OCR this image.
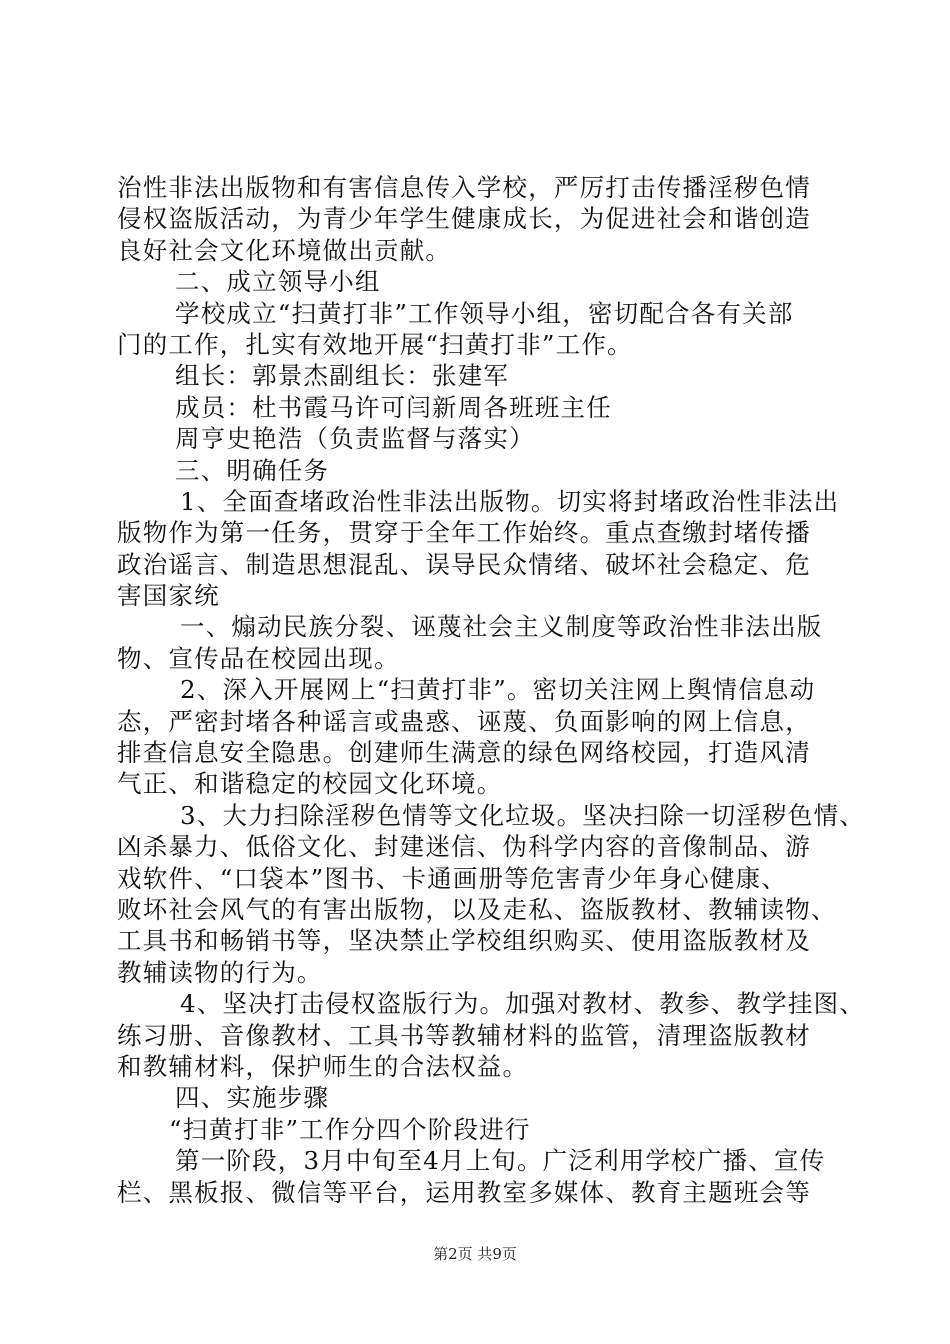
治性非法出版物和有害信息传入学校，严厉打击传播淫秽色情
侵权盗版活动，为青少年学生健康成长，为促进社会和谐创造
良好社会文化环境做出贡献。
二、成立领导小组
学校成立“扫黄打非”工作领导小组，密切配合各有关部
门的工作，扎实有效地开展“扫黄打非”工作。
组长：郭景杰副组长：张建军
成员：杜书霞马许可闫新周各班班主任
周亨史艳浩（负责监督与落实）
三、明确任务
1、全面查堵政治性非法出版物。切实将封堵政治性非法出
版物作为第一任务，贯穿于全年工作始终。重点查缴封堵传播
政治谣言、制造思想混乱、误导民众情绪、破坏社会稳定、危
害国家统
一、煽动民族分裂、诬蔑社会主义制度等政治性非法出版
物、宣传品在校园出现。
2、深入开展网上“扫黄打非”。密切关注网上舆情信息动
态，严密封堵各种谣言或蛊惑、诬蔑、负面影响的网上信息，
排查信息安全隐患。创建师生满意的绿色网络校园，打造风清
气正、和谐稳定的校园文化环境。
3、大力扫除淫秽色情等文化垃圾。坚决扫除一切淫秽色情、
凶杀暴力、低俗文化、封建迷信、伪科学内容的音像制品、游
戏软件、“口袋本”图书、卡通画册等危害青少年身心健康、
败坏社会风气的有害出版物，以及走私、盗版教材、教辅读物、
工具书和畅销书等，坚决禁止学校组织购买、使用盗版教材及
教辅读物的行为。
4、坚决打击侵权盗版行为。加强对教材、教参、教学挂图、
练习册、音像教材、工具书等教辅材料的监管，清理盗版教材
和教辅材料，保护师生的合法权益。
四、实施步骤
“扫黄打非”工作分四个阶段进行
第一阶段，3月中旬至4月上旬。广泛利用学校广播、宣传
栏、黑板报、微信等平台，运用教室多媒体、教育主题班会等
第2页 共9页
